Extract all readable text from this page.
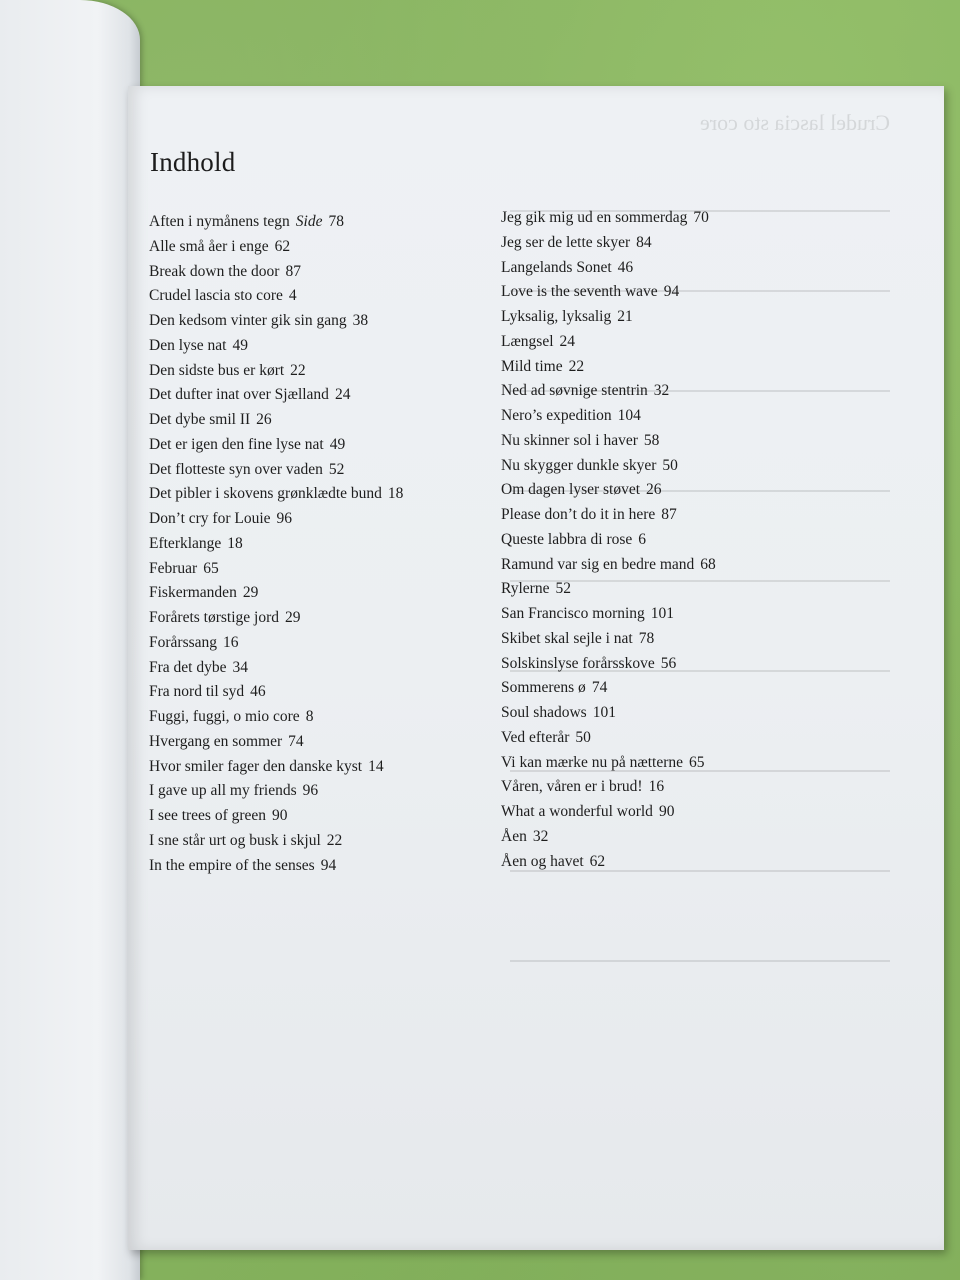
Indhold
Aften i nymånens tegn Side 78
Alle små åer i enge 62
Break down the door 87
Crudel lascia sto core 4
Den kedsom vinter gik sin gang 38
Den lyse nat 49
Den sidste bus er kørt 22
Det dufter inat over Sjælland 24
Det dybe smil II 26
Det er igen den fine lyse nat 49
Det flotteste syn over vaden 52
Det pibler i skovens grønklædte bund 18
Don’t cry for Louie 96
Efterklange 18
Februar 65
Fiskermanden 29
Forårets tørstige jord 29
Forårssang 16
Fra det dybe 34
Fra nord til syd 46
Fuggi, fuggi, o mio core 8
Hvergang en sommer 74
Hvor smiler fager den danske kyst 14
I gave up all my friends 96
I see trees of green 90
I sne står urt og busk i skjul 22
In the empire of the senses 94
Jeg gik mig ud en sommerdag 70
Jeg ser de lette skyer 84
Langelands Sonet 46
Love is the seventh wave 94
Lyksalig, lyksalig 21
Længsel 24
Mild time 22
Ned ad søvnige stentrin 32
Nero’s expedition 104
Nu skinner sol i haver 58
Nu skygger dunkle skyer 50
Om dagen lyser støvet 26
Please don’t do it in here 87
Queste labbra di rose 6
Ramund var sig en bedre mand 68
Rylerne 52
San Francisco morning 101
Skibet skal sejle i nat 78
Solskinslyse forårsskove 56
Sommerens ø 74
Soul shadows 101
Ved efterår 50
Vi kan mærke nu på nætterne 65
Våren, våren er i brud! 16
What a wonderful world 90
Åen 32
Åen og havet 62
